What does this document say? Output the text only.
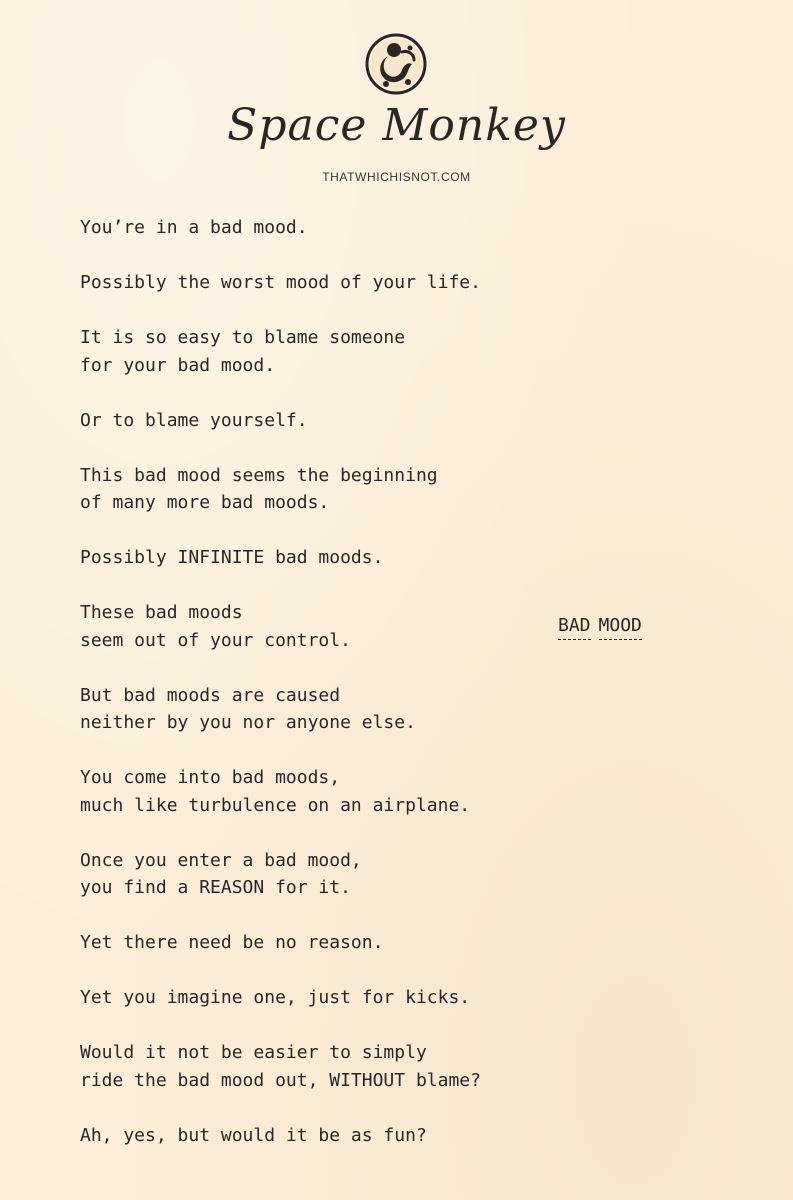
Space Monkey
THATWHICHISNOT.COM
You’re in a bad mood.
Possibly the worst mood of your life.
It is so easy to blame someone
for your bad mood.
Or to blame yourself.
This bad mood seems the beginning
of many more bad moods.
Possibly INFINITE bad moods.
These bad moods
seem out of your control.
But bad moods are caused
neither by you nor anyone else.
You come into bad moods,
much like turbulence on an airplane.
Once you enter a bad mood,
you find a REASON for it.
Yet there need be no reason.
Yet you imagine one, just for kicks.
Would it not be easier to simply
ride the bad mood out, WITHOUT blame?
Ah, yes, but would it be as fun?
BAD MOOD
